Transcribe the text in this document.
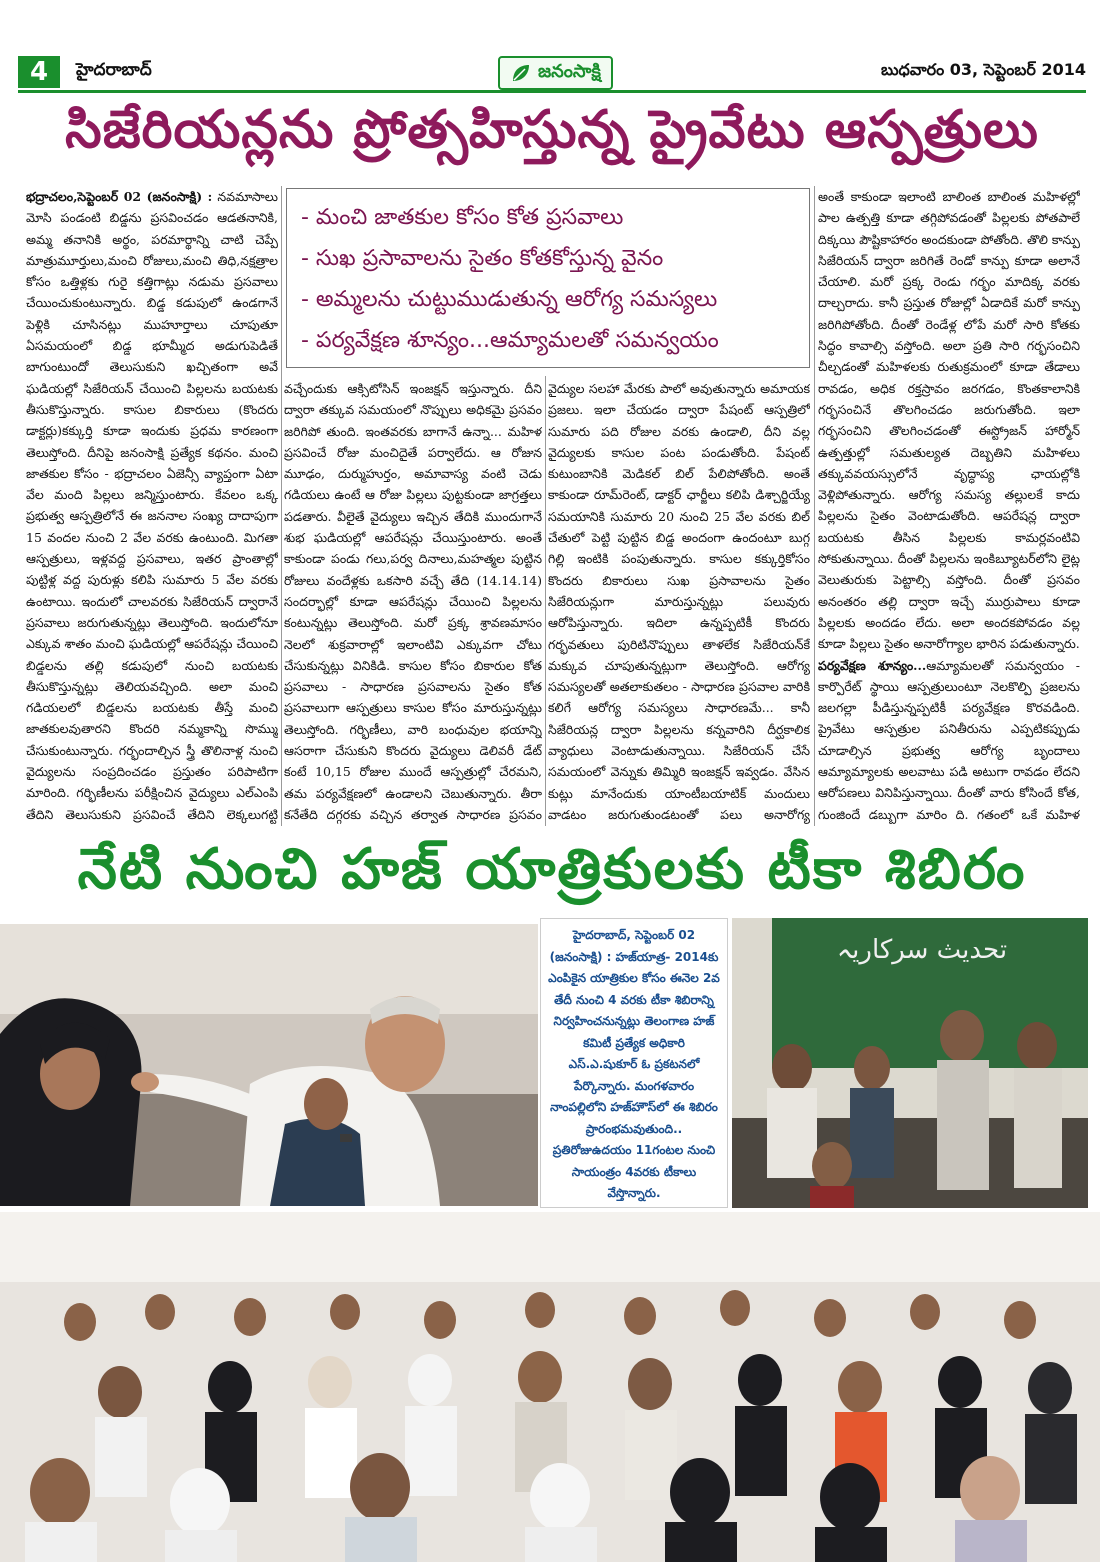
4	హైదరాబాద్	జనంసాక్షి	బుధవారం 03, సెప్టెంబర్ 2014
సిజేరియన్లను ప్రోత్సహిస్తున్న ప్రైవేటు ఆస్పత్రులు

భద్రాచలం,సెప్టెంబర్ 02 (జనంసాక్షి) : నవమాసాలు మోసి పండంటి బిడ్డను ప్రసవించడం ఆడతనానికి, అమ్మ తనానికి అర్థం, పరమార్థాన్ని చాటి చెప్పే మాత్రుమూర్తులు,మంచి రోజులు,మంచి తిధి,నక్షత్రాల కోసం ఒత్తిళ్లకు గురై కత్తిగాట్లు నడుమ ప్రసవాలు చేయించుకుంటున్నారు. బిడ్డ కడుపులో ఉండగానే పెళ్లికి చూసినట్లు ముహూర్తాలు చూపుతూ ఏసమయంలో బిడ్డ భూమ్మీద అడుగుపెడితే బాగుంటుందో తెలుసుకుని ఖచ్చితంగా అవే ఘడియల్లో సిజేరియన్ చేయించి పిల్లలను బయటకు తీసుకొస్తున్నారు. కాసుల బికారులు (కొందరు డాక్టర్లు)కక్కుర్తి కూడా ఇందుకు ప్రధమ కారణంగా తెలుస్తోంది. దీనిపై జనంసాక్షి ప్రత్యేక కథనం. మంచి జాతకుల కోసం - భద్రాచలం ఏజెన్సీ వ్యాప్తంగా ఏటా వేల మంది పిల్లలు జన్మిస్తుంటారు. కేవలం ఒక్క ప్రభుత్వ ఆస్పత్రిలోనే ఈ జననాల సంఖ్య దాదాపుగా 15 వందల నుంచి 2 వేల వరకు ఉంటుంది. మిగతా ఆస్పత్రులు, ఇళ్లవద్ద ప్రసవాలు, ఇతర ప్రాంతాల్లో పుట్టిళ్ల వద్ద పురుళ్లు కలిపి సుమారు 5 వేల వరకు ఉంటాయి. ఇందులో చాలవరకు సిజేరియన్ ద్వారానే ప్రసవాలు జరుగుతున్నట్లు తెలుస్తోంది. ఇందులోనూ ఎక్కువ శాతం మంచి ఘడియల్లో ఆపరేషన్లు చేయించి బిడ్డలను తల్లి కడుపులో నుంచి బయటకు తీసుకొస్తున్నట్లు తెలియవచ్చింది. అలా మంచి గడియలలో బిడ్డలను బయటకు తీస్తే మంచి జాతకులవుతారని కొందరి నమ్మకాన్ని సొమ్ము చేసుకుంటున్నారు. గర్భందాల్చిన స్త్రీ తొలినాళ్ల నుంచి వైద్యులను సంప్రదించడం ప్రస్తుతం పరిపాటిగా మారింది. గర్భిణీలను పరీక్షించిన వైద్యులు ఎల్ఎంపి తేదిని తెలుసుకుని ప్రసవించే తేదిని లెక్కలుగట్టి

- మంచి జాతకుల కోసం కోత ప్రసవాలు
- సుఖ ప్రసావాలను సైతం కోతకోస్తున్న వైనం
- అమ్మలను చుట్టుముడుతున్న ఆరోగ్య సమస్యలు
- పర్యవేక్షణ శూన్యం...ఆమ్యామలతో సమన్వయం

వచ్చేందుకు ఆక్సిటోసిన్ ఇంజక్షన్ ఇస్తున్నారు. దీని ద్వారా తక్కువ సమయంలో నొప్పులు అధికమై ప్రసవం జరిగిపో తుంది. ఇంతవరకు బాగానే ఉన్నా... మహిళ ప్రసవించే రోజు మంచిదైతే పర్వాలేదు. ఆ రోజున మూఢం, దుర్ముహుర్తం, అమావాస్య వంటి చెడు గడియలు ఉంటే ఆ రోజు పిల్లలు పుట్టకుండా జాగ్రత్తలు పడతారు. వీలైతే వైద్యులు ఇచ్చిన తేదికి ముందుగానే శుభ ఘడియల్లో ఆపరేషన్లు చేయిస్తుంటారు. అంతే కాకుండా పండు గలు,పర్వ దినాలు,మహత్మల పుట్టిన రోజులు వందేళ్లకు ఒకసారి వచ్చే తేది (14.14.14) సందర్భాల్లో కూడా ఆపరేషన్లు చేయించి పిల్లలను కంటున్నట్లు తెలుస్తోంది. మరో ప్రక్క శ్రావణమాసం నెలలో శుక్రవారాల్లో ఇలాంటివి ఎక్కువగా చోటు చేసుకున్నట్లు వినికిడి. కాసుల కోసం బికారుల కోత ప్రసవాలు - సాధారణ ప్రసవాలను సైతం కోత ప్రసవాలుగా ఆస్పత్రులు కాసుల కోసం మారుస్తున్నట్లు తెలుస్తోంది. గర్భిణీలు, వారి బంధువుల భయాన్ని ఆసరాగా చేసుకుని కొందరు వైద్యులు డెలివరీ డేట్ కంటే 10,15 రోజుల ముందే ఆస్పత్రుల్లో చేరమని, తమ పర్యవేక్షణలో ఉండాలని చెబుతున్నారు. తీరా కనేతేది దగ్గరకు వచ్చిన తర్వాత సాధారణ ప్రసవం

వైద్యుల సలహా మేరకు పాలో అవుతున్నారు అమాయక ప్రజలు. ఇలా చేయడం ద్వారా పేషంట్ ఆస్పత్రిలో సుమారు పది రోజుల వరకు ఉండాలి, దీని వల్ల వైద్యులకు కాసుల పంట పండుతోంది. పేషంట్ కుటుంబానికి మెడికల్ బిల్ పేలిపోతోంది. అంతే కాకుండా రూమ్‌రెంట్, డాక్టర్ ఛార్జీలు కలిపి డిశ్చార్జియ్యే సమయానికి సుమారు 20 నుంచి 25 వేల వరకు బిల్ చేతులో పెట్టి పుట్టిన బిడ్డ అందంగా ఉందంటూ బుగ్గ గిల్లి ఇంటికి పంపుతున్నారు. కాసుల కక్కుర్తికోసం కొందరు బికారులు సుఖ ప్రసావాలను సైతం సిజేరియన్లుగా మారుస్తున్నట్లు పలువురు ఆరోపిస్తున్నారు. ఇదిలా ఉన్నప్పటికీ కొందరు గర్భవతులు పురిటినొప్పులు తాళలేక సిజేరియన్‌కే మక్కువ చూపుతున్నట్లుగా తెలుస్తోంది. ఆరోగ్య సమస్యలతో అతలాకుతలం - సాధారణ ప్రసవాల వారికి కలిగే ఆరోగ్య సమస్యలు సాధారణమే... కానీ సిజేరియన్ల ద్వారా పిల్లలను కన్నవారిని దీర్ఘకాలిక వ్యాధులు వెంటాడుతున్నాయి. సిజేరియన్ చేసే సమయంలో వెన్నుకు తిమ్మిరి ఇంజక్షన్ ఇవ్వడం. వేసిన కుట్లు మానేందుకు యాంటీబయాటిక్ మందులు వాడటం జరుగుతుండటంతో పలు అనారోగ్య

అంతే కాకుండా ఇలాంటి బాలింత బాలింత మహిళల్లో పాల ఉత్పత్తి కూడా తగ్గిపోవడంతో పిల్లలకు పోతపాలే దిక్కయి పౌష్టికాహారం అందకుండా పోతోంది. తొలి కాన్పు సిజేరియన్ ద్వారా జరిగితే రెండో కాన్పు కూడా అలానే చేయాలి. మరో ప్రక్క రెండు గర్భం మాదిక్క వరకు దాల్చరాదు. కానీ ప్రస్తుత రోజుల్లో ఏడాదికే మరో కాన్పు జరిగిపోతోంది. దీంతో రెండేళ్ల లోపే మరో సారి కోతకు సిద్ధం కావాల్సి వస్తోంది. అలా ప్రతి సారి గర్భసంచిని చీల్చడంతో మహిళలకు రుతుక్రమంలో కూడా తేడాలు రావడం, అధిక రక్తస్రావం జరగడం, కొంతకాలానికి గర్భసంచినే తొలగించడం జరుగుతోంది. ఇలా గర్భసంచిని తొలగించడంతో ఈస్ట్రోజన్ హార్మోన్ ఉత్పత్తుల్లో సమతుల్యత దెబ్బతిని మహిళలు తక్కువవయస్సులోనే వృద్ధాప్య ఛాయల్లోకి వెళ్లిపోతున్నారు. ఆరోగ్య సమస్య తల్లులకే కాదు పిల్లలను సైతం వెంటాడుతోంది. ఆపరేషన్ల ద్వారా బయటకు తీసిన పిల్లలకు కామర్లవంటివి సోకుతున్నాయి. దీంతో పిల్లలను ఇంకిబ్యూటర్‌లోని లైట్ల వెలుతురుకు పెట్టాల్సి వస్తోంది. దీంతో ప్రసవం అనంతరం తల్లి ద్వారా ఇచ్చే ముర్రుపాలు కూడా పిల్లలకు అందడం లేదు. అలా అందకపోవడం వల్ల కూడా పిల్లలు సైతం అనారోగ్యాల భారిన పడుతున్నారు.

పర్యవేక్షణ శూన్యం...ఆమ్యామలతో సమన్వయం - కార్పొరేట్ స్థాయి ఆస్పత్రులుంటూ నెలకొల్పి ప్రజలను జలగల్లా పీడిస్తున్నప్పటికీ పర్యవేక్షణ కొరవడింది. ప్రైవేటు ఆస్పత్రుల పనితీరును ఎప్పటికప్పుడు చూడాల్సిన ప్రభుత్వ ఆరోగ్య బృందాలు ఆమ్యామ్యాలకు అలవాటు పడి అటుగా రావడం లేదని ఆరోపణలు వినిపిస్తున్నాయి. దీంతో వారు కోసిందే కోత, గుంజిందే డబ్బుగా మారిం ది. గతంలో ఒకే మహిళ

నేటి నుంచి హజ్ యాత్రికులకు టీకా శిబిరం
హైదరాబాద్, సెప్టెంబర్ 02 (జనంసాక్షి) : హజ్‌యాత్ర- 2014కు ఎంపికైన యాత్రికుల కోసం ఈనెల 2వ తేదీ నుంచి 4 వరకు టీకా శిబిరాన్ని నిర్వహించనున్నట్లు తెలంగాణ హజ్ కమిటీ ప్రత్యేక అధికారి ఎస్.ఎ.షుకూర్ ఓ ప్రకటనలో పేర్కొన్నారు. మంగళవారం నాంపల్లిలోని హజ్‌హౌస్‌లో ఈ శిబిరం ప్రారంభమవుతుంది.. ప్రతిరోజుఉదయం 11గంటల నుంచి సాయంత్రం 4వరకు టీకాలు వేస్తొన్నారు.
تحدیث سرکاریہ
